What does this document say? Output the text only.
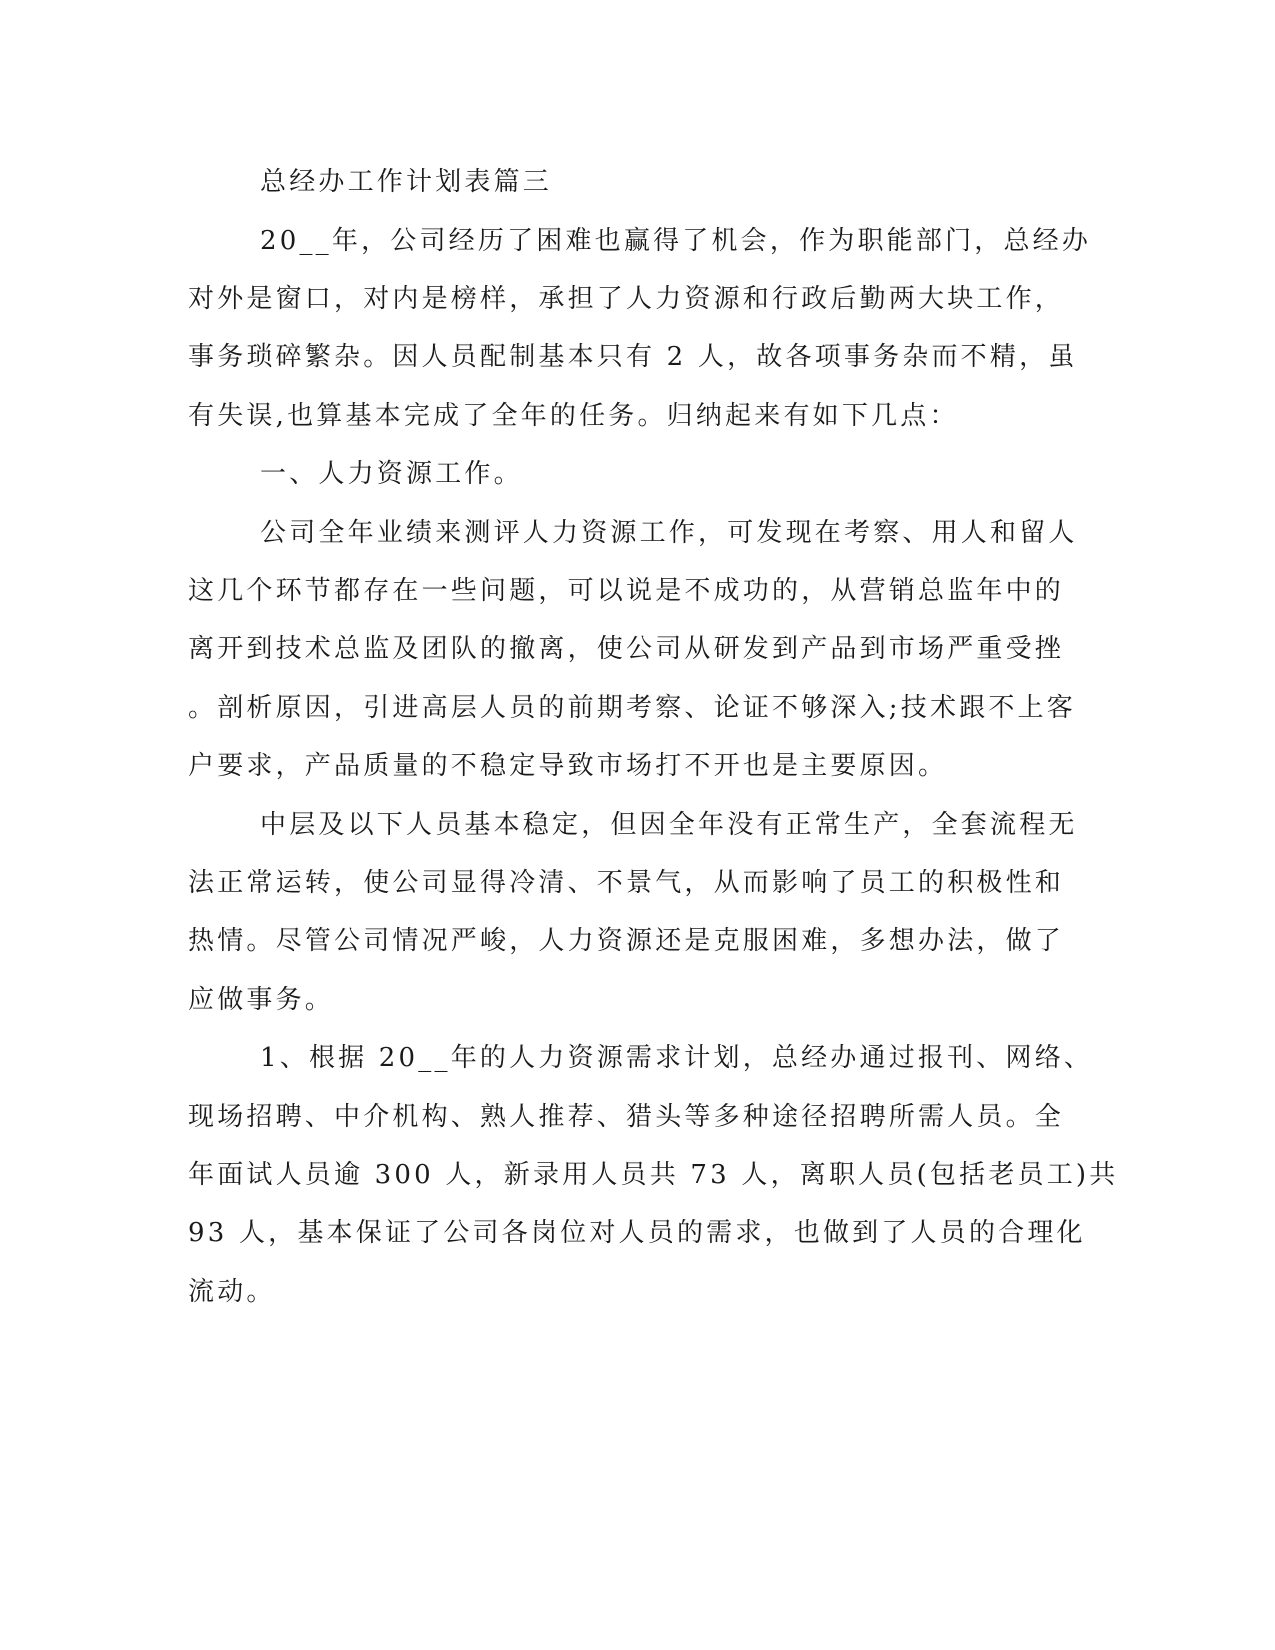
总经办工作计划表篇三
20__年，公司经历了困难也赢得了机会，作为职能部门，总经办
对外是窗口，对内是榜样，承担了人力资源和行政后勤两大块工作，
事务琐碎繁杂。因人员配制基本只有 2 人，故各项事务杂而不精，虽
有失误,也算基本完成了全年的任务。归纳起来有如下几点：
一、人力资源工作。
公司全年业绩来测评人力资源工作，可发现在考察、用人和留人
这几个环节都存在一些问题，可以说是不成功的，从营销总监年中的
离开到技术总监及团队的撤离，使公司从研发到产品到市场严重受挫
。剖析原因，引进高层人员的前期考察、论证不够深入;技术跟不上客
户要求，产品质量的不稳定导致市场打不开也是主要原因。
中层及以下人员基本稳定，但因全年没有正常生产，全套流程无
法正常运转，使公司显得冷清、不景气，从而影响了员工的积极性和
热情。尽管公司情况严峻，人力资源还是克服困难，多想办法，做了
应做事务。
1、根据 20__年的人力资源需求计划，总经办通过报刊、网络、
现场招聘、中介机构、熟人推荐、猎头等多种途径招聘所需人员。全
年面试人员逾 300 人，新录用人员共 73 人，离职人员(包括老员工)共
93 人，基本保证了公司各岗位对人员的需求，也做到了人员的合理化
流动。
